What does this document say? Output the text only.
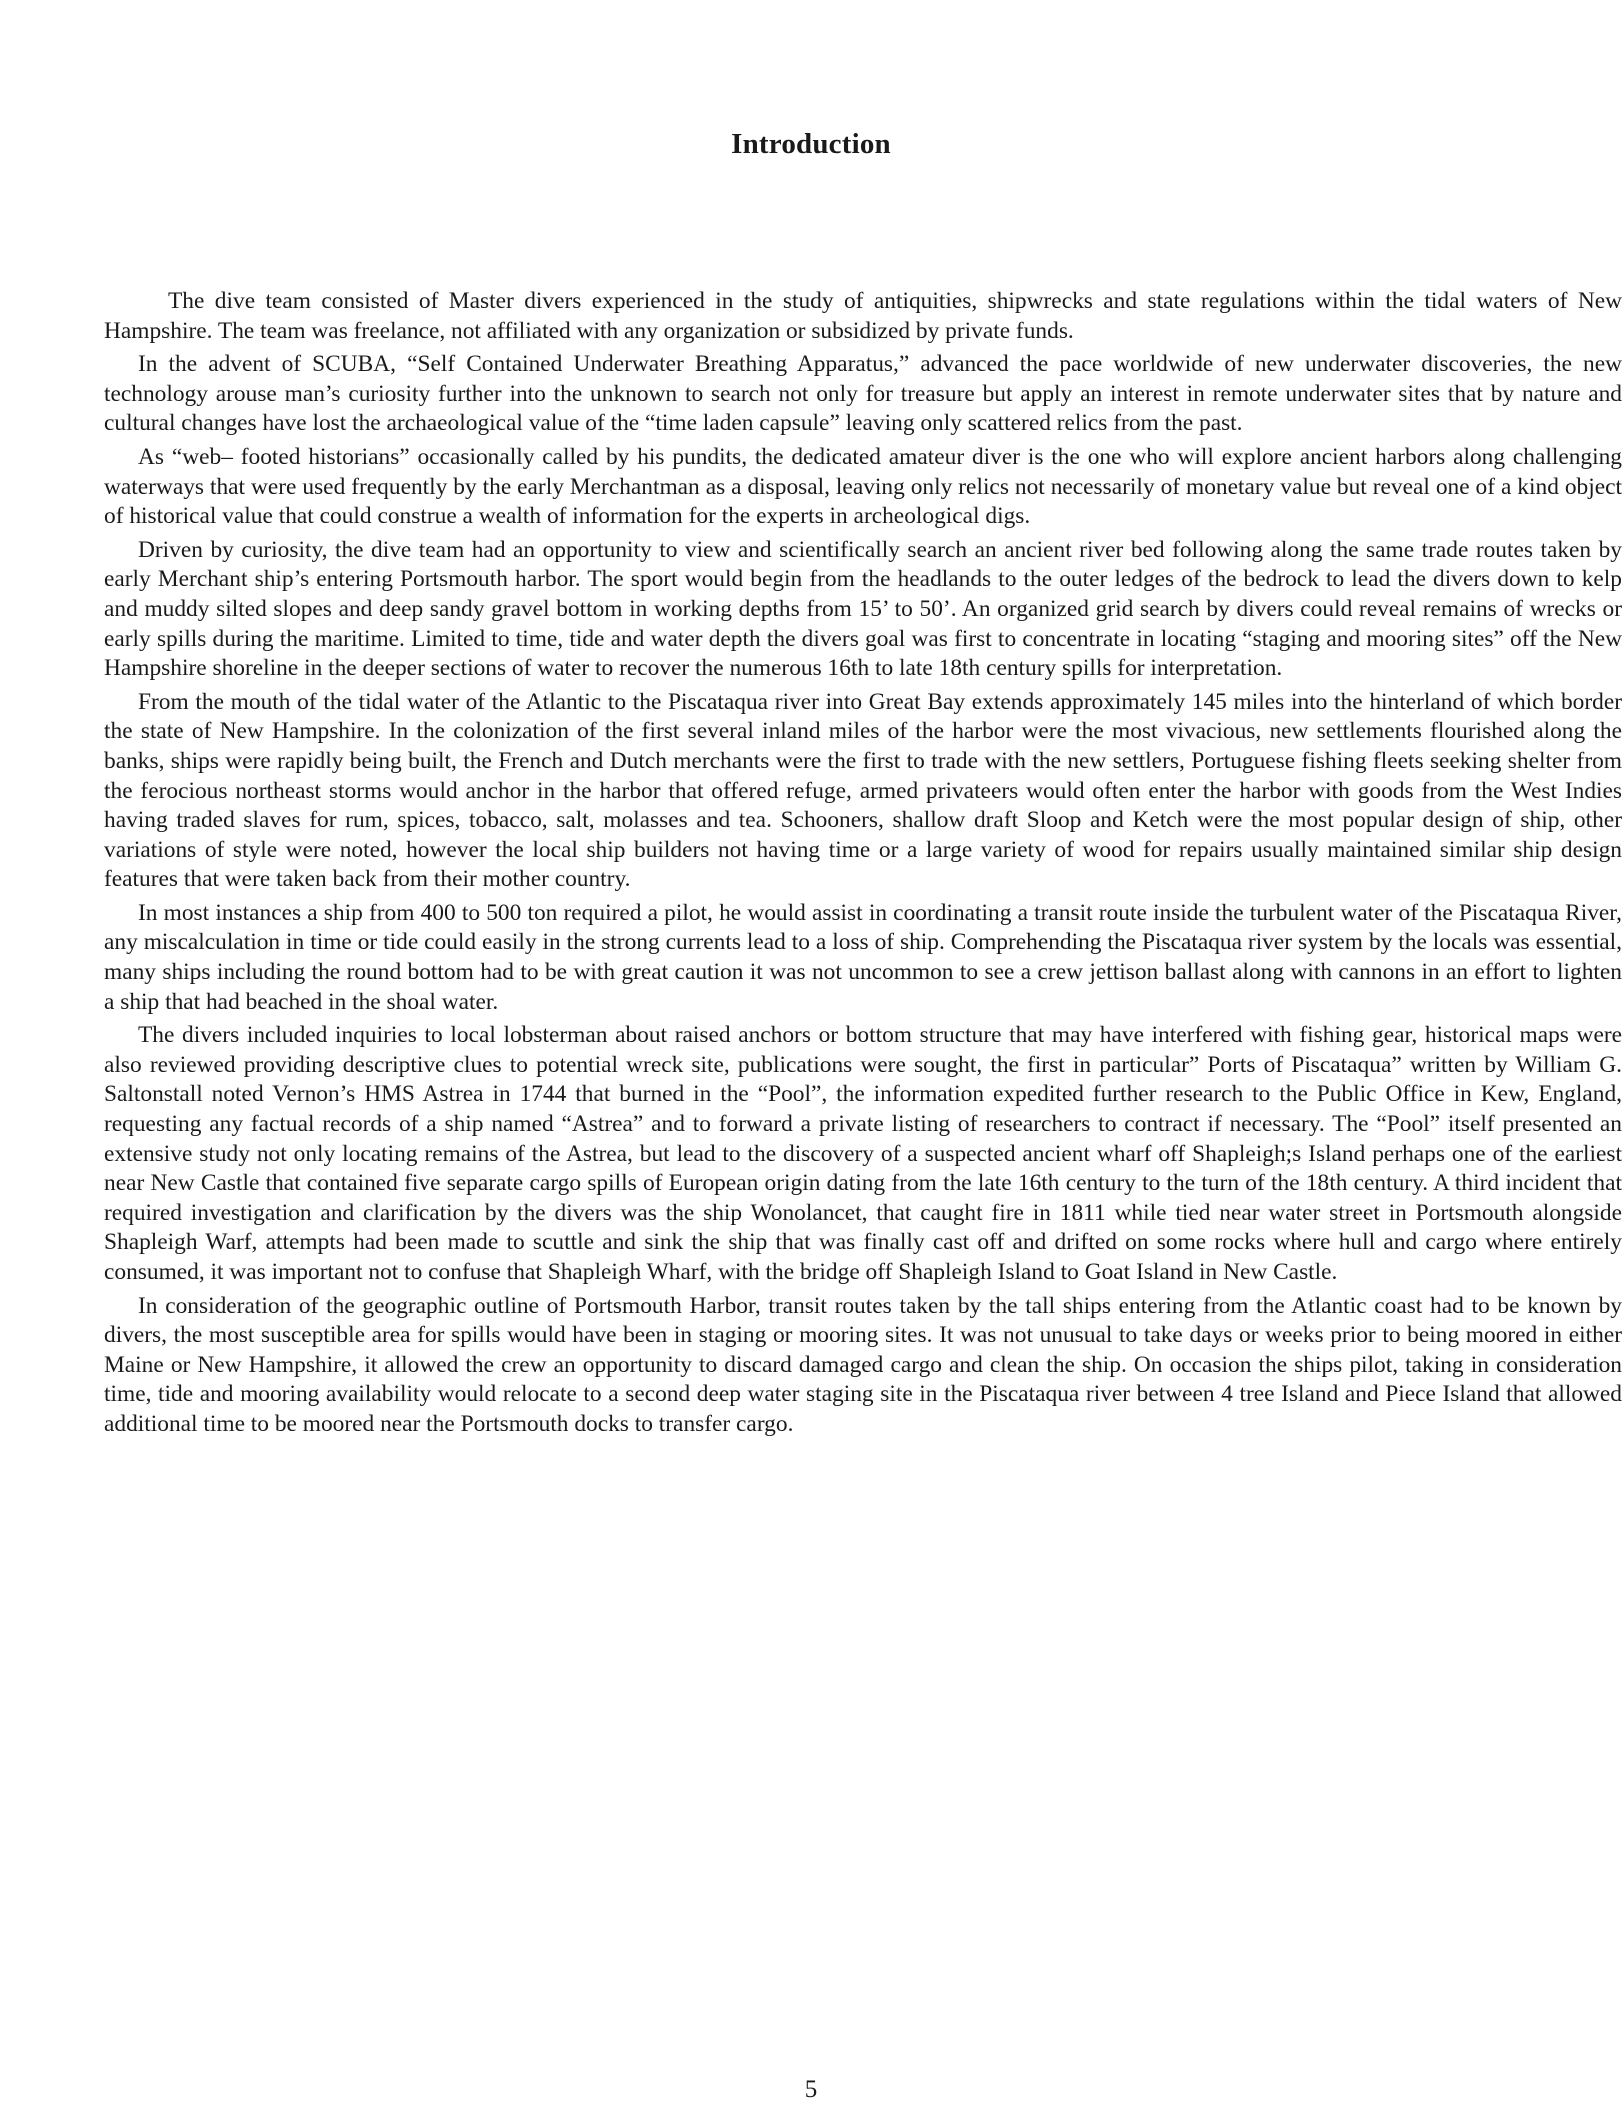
Introduction

The dive team consisted of Master divers experienced in the study of antiquities, shipwrecks and state regulations within the tidal waters of New Hampshire. The team was freelance, not affiliated with any organization or subsidized by private funds.

In the advent of SCUBA, “Self Contained Underwater Breathing Apparatus,” advanced the pace worldwide of new underwater discoveries, the new technology arouse man’s curiosity further into the unknown to search not only for treasure but apply an interest in remote underwater sites that by nature and cultural changes have lost the archaeological value of the “time laden capsule” leaving only scattered relics from the past.

As “web– footed historians” occasionally called by his pundits, the dedicated amateur diver is the one who will explore ancient harbors along challenging waterways that were used frequently by the early Merchantman as a disposal, leaving only relics not necessarily of monetary value but reveal one of a kind object of historical value that could construe a wealth of information for the experts in archeological digs.

Driven by curiosity, the dive team had an opportunity to view and scientifically search an ancient river bed following along the same trade routes taken by early Merchant ship’s entering Portsmouth harbor. The sport would begin from the headlands to the outer ledges of the bedrock to lead the divers down to kelp and muddy silted slopes and deep sandy gravel bottom in working depths from 15’ to 50’. An organized grid search by divers could reveal remains of wrecks or early spills during the maritime. Limited to time, tide and water depth the divers goal was first to concentrate in locating “staging and mooring sites” off the New Hampshire shoreline in the deeper sections of water to recover the numerous 16th to late 18th century spills for interpretation.

From the mouth of the tidal water of the Atlantic to the Piscataqua river into Great Bay extends approximately 145 miles into the hinterland of which border the state of New Hampshire. In the colonization of the first several inland miles of the harbor were the most vivacious, new settlements flourished along the banks, ships were rapidly being built, the French and Dutch merchants were the first to trade with the new settlers, Portuguese fishing fleets seeking shelter from the ferocious northeast storms would anchor in the harbor that offered refuge, armed privateers would often enter the harbor with goods from the West Indies having traded slaves for rum, spices, tobacco, salt, molasses and tea. Schooners, shallow draft Sloop and Ketch were the most popular design of ship, other variations of style were noted, however the local ship builders not having time or a large variety of wood for repairs usually maintained similar ship design features that were taken back from their mother country.

In most instances a ship from 400 to 500 ton required a pilot, he would assist in coordinating a transit route inside the turbulent water of the Piscataqua River, any miscalculation in time or tide could easily in the strong currents lead to a loss of ship. Comprehending the Piscataqua river system by the locals was essential, many ships including the round bottom had to be with great caution it was not uncommon to see a crew jettison ballast along with cannons in an effort to lighten a ship that had beached in the shoal water.

The divers included inquiries to local lobsterman about raised anchors or bottom structure that may have interfered with fishing gear, historical maps were also reviewed providing descriptive clues to potential wreck site, publications were sought, the first in particular” Ports of Piscataqua” written by William G. Saltonstall noted Vernon’s HMS Astrea in 1744 that burned in the “Pool”, the information expedited further research to the Public Office in Kew, England, requesting any factual records of a ship named “Astrea” and to forward a private listing of researchers to contract if necessary. The “Pool” itself presented an extensive study not only locating remains of the Astrea, but lead to the discovery of a suspected ancient wharf off Shapleigh;s Island perhaps one of the earliest near New Castle that contained five separate cargo spills of European origin dating from the late 16th century to the turn of the 18th century. A third incident that required investigation and clarification by the divers was the ship Wonolancet, that caught fire in 1811 while tied near water street in Portsmouth alongside Shapleigh Warf, attempts had been made to scuttle and sink the ship that was finally cast off and drifted on some rocks where hull and cargo where entirely consumed, it was important not to confuse that Shapleigh Wharf, with the bridge off Shapleigh Island to Goat Island in New Castle.

In consideration of the geographic outline of Portsmouth Harbor, transit routes taken by the tall ships entering from the Atlantic coast had to be known by divers, the most susceptible area for spills would have been in staging or mooring sites. It was not unusual to take days or weeks prior to being moored in either Maine or New Hampshire, it allowed the crew an opportunity to discard damaged cargo and clean the ship. On occasion the ships pilot, taking in consideration time, tide and mooring availability would relocate to a second deep water staging site in the Piscataqua river between 4 tree Island and Piece Island that allowed additional time to be moored near the Portsmouth docks to transfer cargo.

5
